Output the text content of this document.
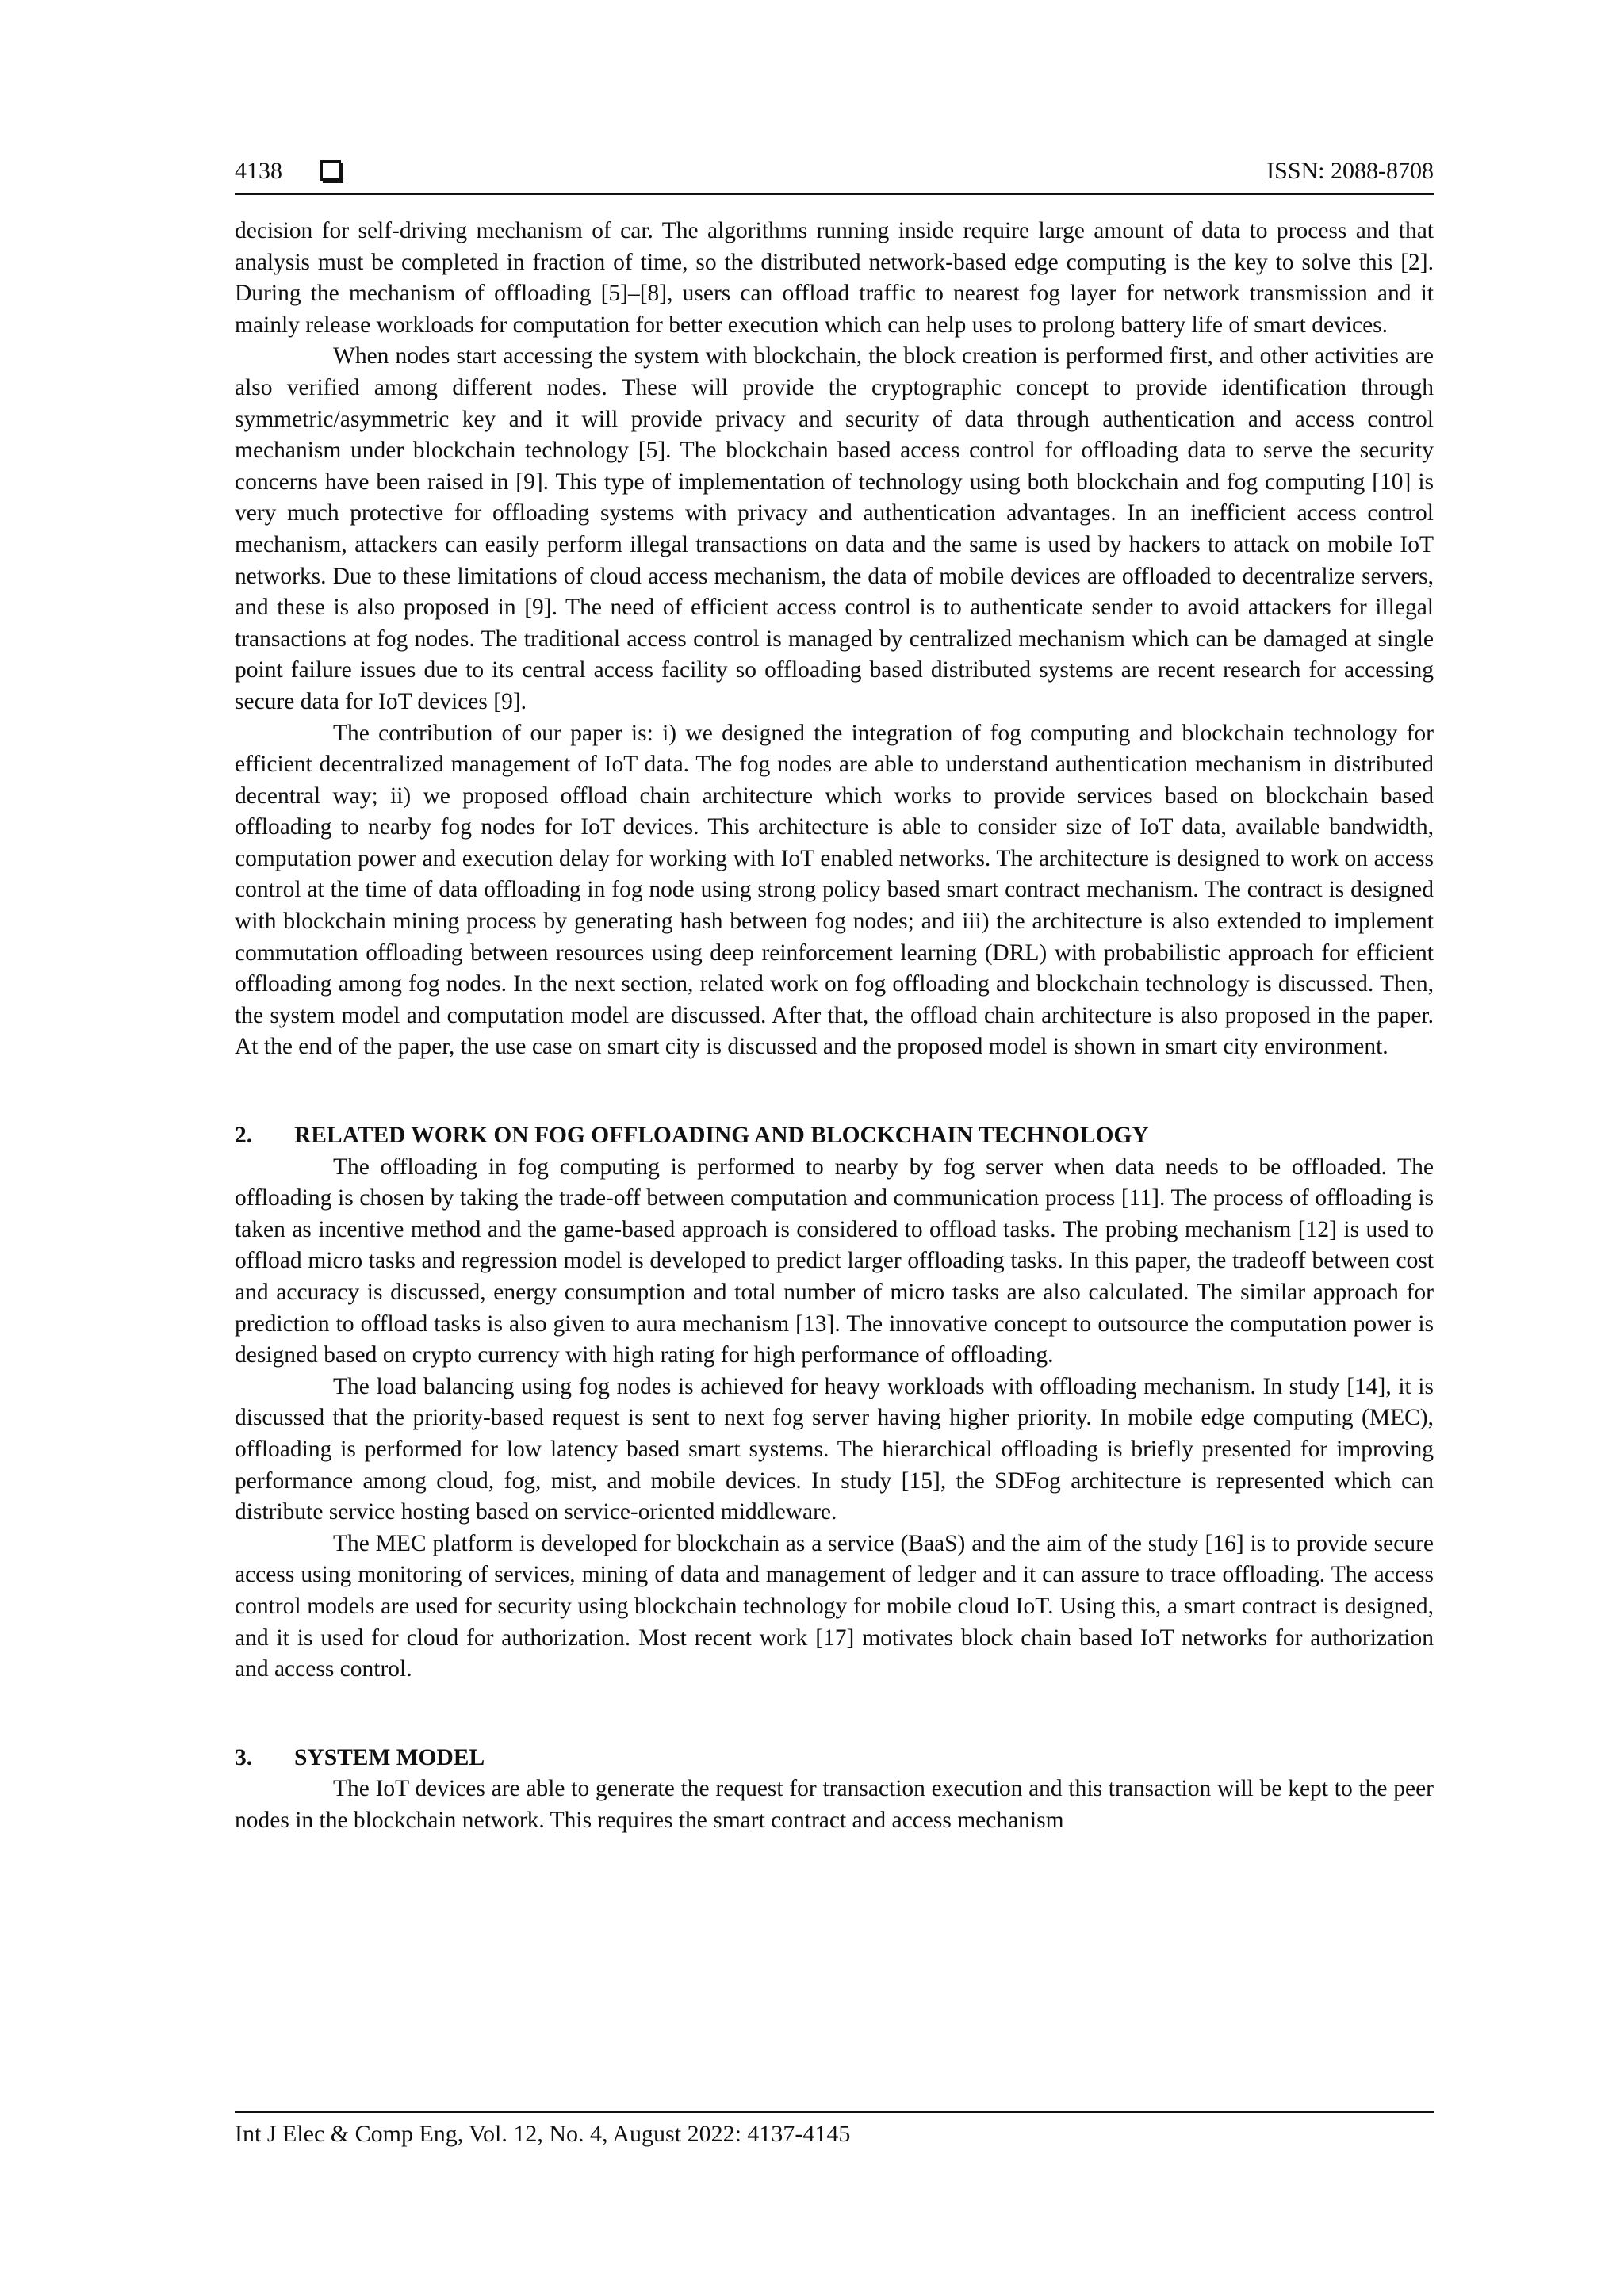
4138	ISSN: 2088-8708

decision for self-driving mechanism of car. The algorithms running inside require large amount of data to process and that analysis must be completed in fraction of time, so the distributed network-based edge computing is the key to solve this [2]. During the mechanism of offloading [5]–[8], users can offload traffic to nearest fog layer for network transmission and it mainly release workloads for computation for better execution which can help uses to prolong battery life of smart devices.

When nodes start accessing the system with blockchain, the block creation is performed first, and other activities are also verified among different nodes. These will provide the cryptographic concept to provide identification through symmetric/asymmetric key and it will provide privacy and security of data through authentication and access control mechanism under blockchain technology [5]. The blockchain based access control for offloading data to serve the security concerns have been raised in [9]. This type of implementation of technology using both blockchain and fog computing [10] is very much protective for offloading systems with privacy and authentication advantages. In an inefficient access control mechanism, attackers can easily perform illegal transactions on data and the same is used by hackers to attack on mobile IoT networks. Due to these limitations of cloud access mechanism, the data of mobile devices are offloaded to decentralize servers, and these is also proposed in [9]. The need of efficient access control is to authenticate sender to avoid attackers for illegal transactions at fog nodes. The traditional access control is managed by centralized mechanism which can be damaged at single point failure issues due to its central access facility so offloading based distributed systems are recent research for accessing secure data for IoT devices [9].

The contribution of our paper is: i) we designed the integration of fog computing and blockchain technology for efficient decentralized management of IoT data. The fog nodes are able to understand authentication mechanism in distributed decentral way; ii) we proposed offload chain architecture which works to provide services based on blockchain based offloading to nearby fog nodes for IoT devices. This architecture is able to consider size of IoT data, available bandwidth, computation power and execution delay for working with IoT enabled networks. The architecture is designed to work on access control at the time of data offloading in fog node using strong policy based smart contract mechanism. The contract is designed with blockchain mining process by generating hash between fog nodes; and iii) the architecture is also extended to implement commutation offloading between resources using deep reinforcement learning (DRL) with probabilistic approach for efficient offloading among fog nodes. In the next section, related work on fog offloading and blockchain technology is discussed. Then, the system model and computation model are discussed. After that, the offload chain architecture is also proposed in the paper. At the end of the paper, the use case on smart city is discussed and the proposed model is shown in smart city environment.

2. RELATED WORK ON FOG OFFLOADING AND BLOCKCHAIN TECHNOLOGY

The offloading in fog computing is performed to nearby by fog server when data needs to be offloaded. The offloading is chosen by taking the trade-off between computation and communication process [11]. The process of offloading is taken as incentive method and the game-based approach is considered to offload tasks. The probing mechanism [12] is used to offload micro tasks and regression model is developed to predict larger offloading tasks. In this paper, the tradeoff between cost and accuracy is discussed, energy consumption and total number of micro tasks are also calculated. The similar approach for prediction to offload tasks is also given to aura mechanism [13]. The innovative concept to outsource the computation power is designed based on crypto currency with high rating for high performance of offloading.

The load balancing using fog nodes is achieved for heavy workloads with offloading mechanism. In study [14], it is discussed that the priority-based request is sent to next fog server having higher priority. In mobile edge computing (MEC), offloading is performed for low latency based smart systems. The hierarchical offloading is briefly presented for improving performance among cloud, fog, mist, and mobile devices. In study [15], the SDFog architecture is represented which can distribute service hosting based on service-oriented middleware.

The MEC platform is developed for blockchain as a service (BaaS) and the aim of the study [16] is to provide secure access using monitoring of services, mining of data and management of ledger and it can assure to trace offloading. The access control models are used for security using blockchain technology for mobile cloud IoT. Using this, a smart contract is designed, and it is used for cloud for authorization. Most recent work [17] motivates block chain based IoT networks for authorization and access control.

3. SYSTEM MODEL

The IoT devices are able to generate the request for transaction execution and this transaction will be kept to the peer nodes in the blockchain network. This requires the smart contract and access mechanism

Int J Elec & Comp Eng, Vol. 12, No. 4, August 2022: 4137-4145
